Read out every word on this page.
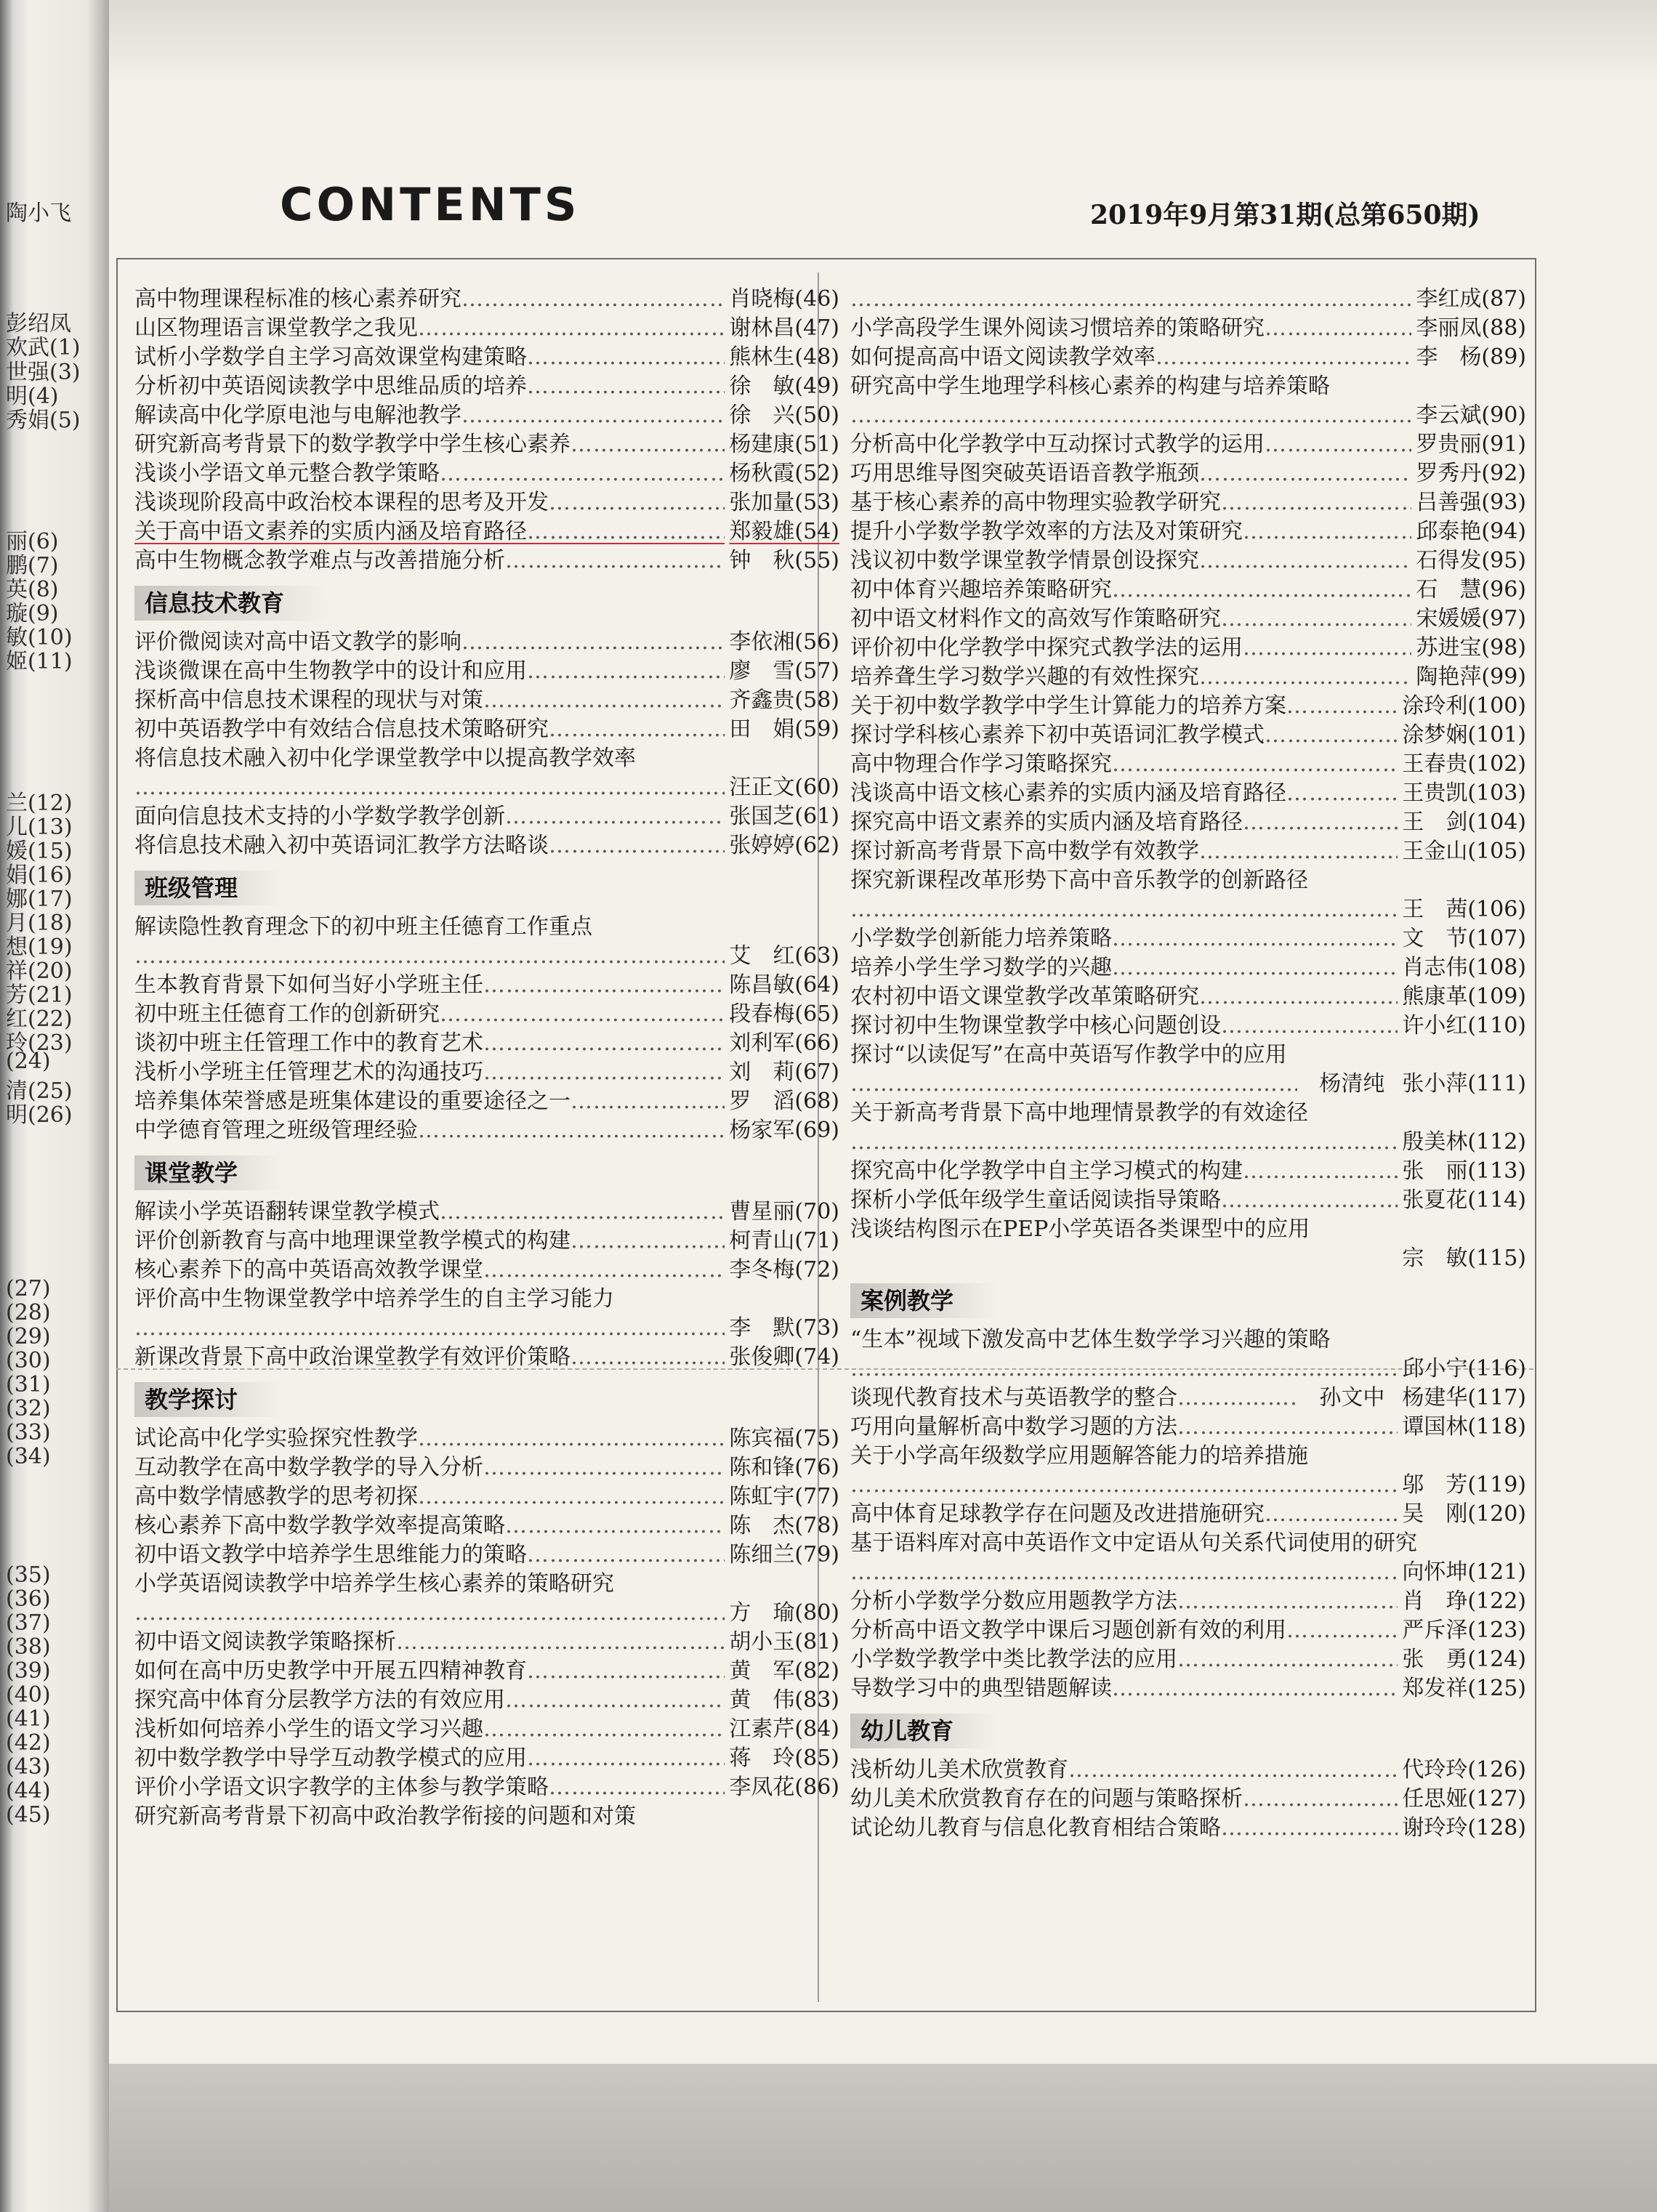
陶小飞
彭绍凤
欢武(1)
世强(3)
明(4)
秀娟(5)
丽(6)
鹏(7)
英(8)
璇(9)
敏(10)
姬(11)
兰(12)
儿(13)
媛(15)
娟(16)
娜(17)
月(18)
想(19)
祥(20)
芳(21)
红(22)
玲(23)
(24)
清(25)
明(26)
(27)
(28)
(29)
(30)
(31)
(32)
(33)
(34)
(35)
(36)
(37)
(38)
(39)
(40)
(41)
(42)
(43)
(44)
(45)
CONTENTS	2019年9月第31期(总第650期)
高中物理课程标准的核心素养研究 ………………………………………………………………………………………………………………………………………………	肖晓梅 (46)
山区物理语言课堂教学之我见 ………………………………………………………………………………………………………………………………………………	谢林昌 (47)
试析小学数学自主学习高效课堂构建策略 ………………………………………………………………………………………………………………………………………………	熊林生 (48)
分析初中英语阅读教学中思维品质的培养 ………………………………………………………………………………………………………………………………………………	徐　敏 (49)
解读高中化学原电池与电解池教学 ………………………………………………………………………………………………………………………………………………	徐　兴 (50)
研究新高考背景下的数学教学中学生核心素养 ………………………………………………………………………………………………………………………………………………	杨建康 (51)
浅谈小学语文单元整合教学策略 ………………………………………………………………………………………………………………………………………………	杨秋霞 (52)
浅谈现阶段高中政治校本课程的思考及开发 ………………………………………………………………………………………………………………………………………………	张加量 (53)
关于高中语文素养的实质内涵及培育路径 ………………………………………………………………………………………………………………………………………………	郑毅雄 (54)
高中生物概念教学难点与改善措施分析 ………………………………………………………………………………………………………………………………………………	钟　秋 (55)
信息技术教育
评价微阅读对高中语文教学的影响 ………………………………………………………………………………………………………………………………………………	李依湘 (56)
浅谈微课在高中生物教学中的设计和应用 ………………………………………………………………………………………………………………………………………………	廖　雪 (57)
探析高中信息技术课程的现状与对策 ………………………………………………………………………………………………………………………………………………	齐鑫贵 (58)
初中英语教学中有效结合信息技术策略研究 ………………………………………………………………………………………………………………………………………………	田　娟 (59)
将信息技术融入初中化学课堂教学中以提高教学效率
………………………………………………………………………………………………………………………………………………
汪正文 (60)
面向信息技术支持的小学数学教学创新 ………………………………………………………………………………………………………………………………………………	张国芝 (61)
将信息技术融入初中英语词汇教学方法略谈 ………………………………………………………………………………………………………………………………………………	张婷婷 (62)
班级管理
解读隐性教育理念下的初中班主任德育工作重点
………………………………………………………………………………………………………………………………………………
艾　红 (63)
生本教育背景下如何当好小学班主任 ………………………………………………………………………………………………………………………………………………	陈昌敏 (64)
初中班主任德育工作的创新研究 ………………………………………………………………………………………………………………………………………………	段春梅 (65)
谈初中班主任管理工作中的教育艺术 ………………………………………………………………………………………………………………………………………………	刘利军 (66)
浅析小学班主任管理艺术的沟通技巧 ………………………………………………………………………………………………………………………………………………	刘　莉 (67)
培养集体荣誉感是班集体建设的重要途径之一 ………………………………………………………………………………………………………………………………………………	罗　滔 (68)
中学德育管理之班级管理经验 ………………………………………………………………………………………………………………………………………………	杨家军 (69)
课堂教学
解读小学英语翻转课堂教学模式 ………………………………………………………………………………………………………………………………………………	曹星丽 (70)
评价创新教育与高中地理课堂教学模式的构建 ………………………………………………………………………………………………………………………………………………	柯青山 (71)
核心素养下的高中英语高效教学课堂 ………………………………………………………………………………………………………………………………………………	李冬梅 (72)
评价高中生物课堂教学中培养学生的自主学习能力
………………………………………………………………………………………………………………………………………………
李　默 (73)
新课改背景下高中政治课堂教学有效评价策略 ………………………………………………………………………………………………………………………………………………	张俊卿 (74)
教学探讨
试论高中化学实验探究性教学 ………………………………………………………………………………………………………………………………………………	陈宾福 (75)
互动教学在高中数学教学的导入分析 ………………………………………………………………………………………………………………………………………………	陈和锋 (76)
高中数学情感教学的思考初探 ………………………………………………………………………………………………………………………………………………	陈虹宇 (77)
核心素养下高中数学教学效率提高策略 ………………………………………………………………………………………………………………………………………………	陈　杰 (78)
初中语文教学中培养学生思维能力的策略 ………………………………………………………………………………………………………………………………………………	陈细兰 (79)
小学英语阅读教学中培养学生核心素养的策略研究
………………………………………………………………………………………………………………………………………………
方　瑜 (80)
初中语文阅读教学策略探析 ………………………………………………………………………………………………………………………………………………	胡小玉 (81)
如何在高中历史教学中开展五四精神教育 ………………………………………………………………………………………………………………………………………………	黄　军 (82)
探究高中体育分层教学方法的有效应用 ………………………………………………………………………………………………………………………………………………	黄　伟 (83)
浅析如何培养小学生的语文学习兴趣 ………………………………………………………………………………………………………………………………………………	江素芹 (84)
初中数学教学中导学互动教学模式的应用 ………………………………………………………………………………………………………………………………………………	蒋　玲 (85)
评价小学语文识字教学的主体参与教学策略 ………………………………………………………………………………………………………………………………………………	李凤花 (86)
研究新高考背景下初高中政治教学衔接的问题和对策
………………………………………………………………………………………………………………………………………………
李红成 (87)
小学高段学生课外阅读习惯培养的策略研究 ………………………………………………………………………………………………………………………………………………	李丽凤 (88)
如何提高高中语文阅读教学效率 ………………………………………………………………………………………………………………………………………………	李　杨 (89)
研究高中学生地理学科核心素养的构建与培养策略
………………………………………………………………………………………………………………………………………………
李云斌 (90)
分析高中化学教学中互动探讨式教学的运用 ………………………………………………………………………………………………………………………………………………	罗贵丽 (91)
巧用思维导图突破英语语音教学瓶颈 ………………………………………………………………………………………………………………………………………………	罗秀丹 (92)
基于核心素养的高中物理实验教学研究 ………………………………………………………………………………………………………………………………………………	吕善强 (93)
提升小学数学教学效率的方法及对策研究 ………………………………………………………………………………………………………………………………………………	邱泰艳 (94)
浅议初中数学课堂教学情景创设探究 ………………………………………………………………………………………………………………………………………………	石得发 (95)
初中体育兴趣培养策略研究 ………………………………………………………………………………………………………………………………………………	石　慧 (96)
初中语文材料作文的高效写作策略研究 ………………………………………………………………………………………………………………………………………………	宋媛媛 (97)
评价初中化学教学中探究式教学法的运用 ………………………………………………………………………………………………………………………………………………	苏进宝 (98)
培养聋生学习数学兴趣的有效性探究 ………………………………………………………………………………………………………………………………………………	陶艳萍 (99)
关于初中数学教学中学生计算能力的培养方案 ………………………………………………………………………………………………………………………………………………	涂玲利 (100)
探讨学科核心素养下初中英语词汇教学模式 ………………………………………………………………………………………………………………………………………………	涂梦娴 (101)
高中物理合作学习策略探究 ………………………………………………………………………………………………………………………………………………	王春贵 (102)
浅谈高中语文核心素养的实质内涵及培育路径 ………………………………………………………………………………………………………………………………………………	王贵凯 (103)
探究高中语文素养的实质内涵及培育路径 ………………………………………………………………………………………………………………………………………………	王　剑 (104)
探讨新高考背景下高中数学有效教学 ………………………………………………………………………………………………………………………………………………	王金山 (105)
探究新课程改革形势下高中音乐教学的创新路径
………………………………………………………………………………………………………………………………………………
王　茜 (106)
小学数学创新能力培养策略 ………………………………………………………………………………………………………………………………………………	文　节 (107)
培养小学生学习数学的兴趣 ………………………………………………………………………………………………………………………………………………	肖志伟 (108)
农村初中语文课堂教学改革策略研究 ………………………………………………………………………………………………………………………………………………	熊康革 (109)
探讨初中生物课堂教学中核心问题创设 ………………………………………………………………………………………………………………………………………………	许小红 (110)
探讨“以读促写”在高中英语写作教学中的应用
………………………………………………………………………………………………………………………………………………
杨清纯 张小萍 (111)
关于新高考背景下高中地理情景教学的有效途径
………………………………………………………………………………………………………………………………………………
殷美林 (112)
探究高中化学教学中自主学习模式的构建 ………………………………………………………………………………………………………………………………………………	张　丽 (113)
探析小学低年级学生童话阅读指导策略 ………………………………………………………………………………………………………………………………………………	张夏花 (114)
浅谈结构图示在PEP小学英语各类课型中的应用
宗　敏 (115)
案例教学
“生本”视域下激发高中艺体生数学学习兴趣的策略
………………………………………………………………………………………………………………………………………………
邱小宁 (116)
谈现代教育技术与英语教学的整合 ………………………………………………………………………………………………………………………………………………	孙文中 杨建华 (117)
巧用向量解析高中数学习题的方法 ………………………………………………………………………………………………………………………………………………	谭国林 (118)
关于小学高年级数学应用题解答能力的培养措施
………………………………………………………………………………………………………………………………………………
邬　芳 (119)
高中体育足球教学存在问题及改进措施研究 ………………………………………………………………………………………………………………………………………………	吴　刚 (120)
基于语料库对高中英语作文中定语从句关系代词使用的研究
………………………………………………………………………………………………………………………………………………
向怀坤 (121)
分析小学数学分数应用题教学方法 ………………………………………………………………………………………………………………………………………………	肖　琤 (122)
分析高中语文教学中课后习题创新有效的利用 ………………………………………………………………………………………………………………………………………………	严斥泽 (123)
小学数学教学中类比教学法的应用 ………………………………………………………………………………………………………………………………………………	张　勇 (124)
导数学习中的典型错题解读 ………………………………………………………………………………………………………………………………………………	郑发祥 (125)
幼儿教育
浅析幼儿美术欣赏教育 ………………………………………………………………………………………………………………………………………………	代玲玲 (126)
幼儿美术欣赏教育存在的问题与策略探析 ………………………………………………………………………………………………………………………………………………	任思娅 (127)
试论幼儿教育与信息化教育相结合策略 ………………………………………………………………………………………………………………………………………………	谢玲玲 (128)
